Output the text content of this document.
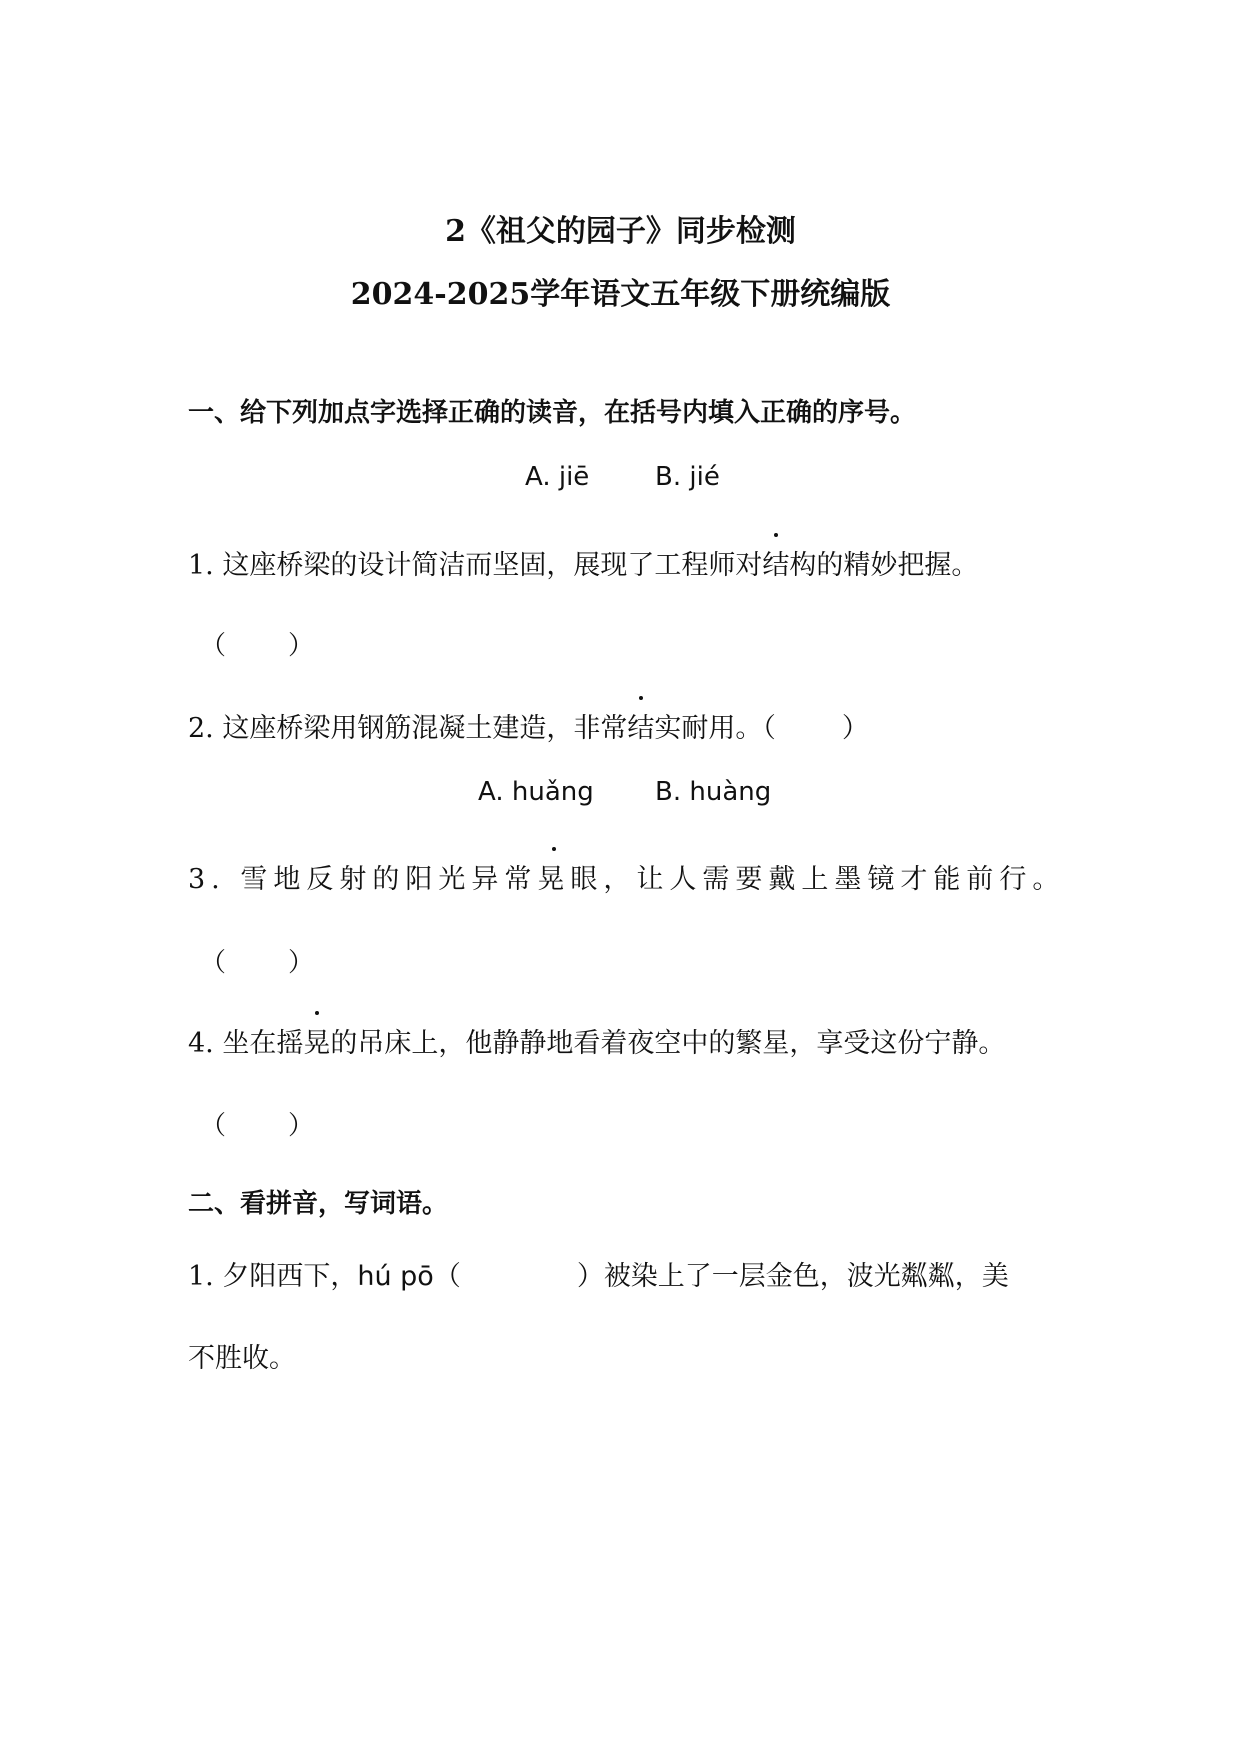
2《祖父的园子》同步检测
2024-2025学年语文五年级下册统编版
一、给下列加点字选择正确的读音，在括号内填入正确的序号。
A. jiē	B. jié
1. 这座桥梁的设计简洁而坚固，展现了工程师对结构的精妙把握。
（ ）
2. 这座桥梁用钢筋混凝土建造，非常结实耐用。（ ）
A. huǎng B. huàng
3. 雪地反射的阳光异常晃眼，让人需要戴上墨镜才能前行。
（ ）
4. 坐在摇晃的吊床上，他静静地看着夜空中的繁星，享受这份宁静。
（ ）
二、看拼音，写词语。
1. 夕阳西下，hú pō（	）被染上了一层金色，波光粼粼，美
不胜收。
